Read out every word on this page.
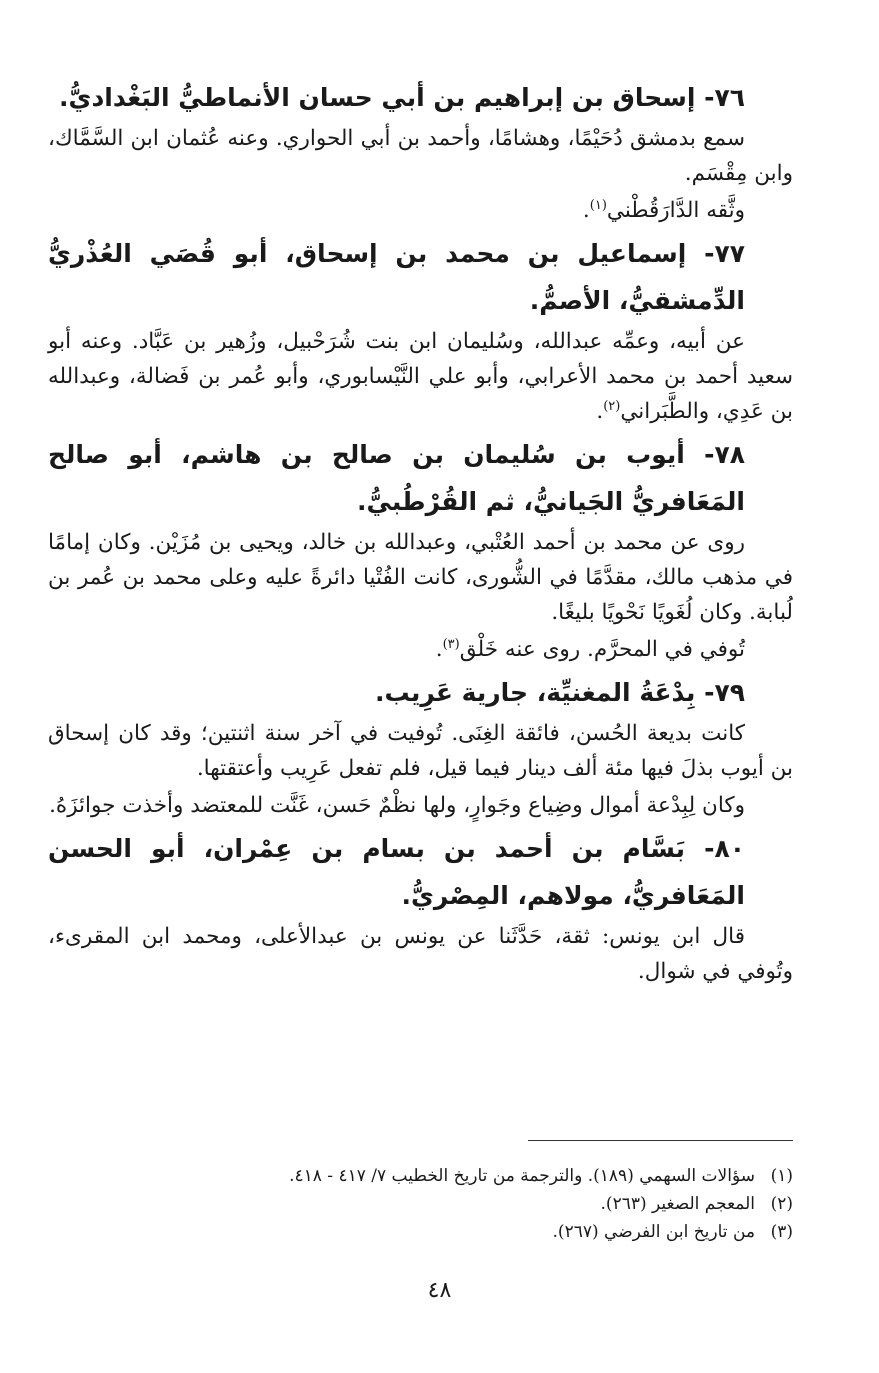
٧٦- إسحاق بن إبراهيم بن أبي حسان الأنماطيُّ البَغْداديُّ.

سمع بدمشق دُحَيْمًا، وهشامًا، وأحمد بن أبي الحواري. وعنه عُثمان ابن السَّمَّاك، وابن مِقْسَم.

وثَّقه الدَّارَقُطْني$^{(١)}$.

٧٧- إسماعيل بن محمد بن إسحاق، أبو قُصَي العُذْريُّ الدِّمشقيُّ، الأصمُّ.

عن أبيه، وعمِّه عبدالله، وسُليمان ابن بنت شُرَحْبيل، وزُهير بن عَبَّاد. وعنه أبو سعيد أحمد بن محمد الأعرابي، وأبو علي النَّيْسابوري، وأبو عُمر بن فَضالة، وعبدالله بن عَدِي، والطَّبَراني$^{(٢)}$.

٧٨- أيوب بن سُليمان بن صالح بن هاشم، أبو صالح المَعَافريُّ الجَيانيُّ، ثم القُرْطُبيُّ.

روى عن محمد بن أحمد العُتْبي، وعبدالله بن خالد، ويحيى بن مُزَيْن. وكان إمامًا في مذهب مالك، مقدَّمًا في الشُّورى، كانت الفُتْيا دائرةً عليه وعلى محمد بن عُمر بن لُبابة. وكان لُغَويًا نَحْويًا بليغًا.

تُوفي في المحرَّم. روى عنه خَلْق$^{(٣)}$.

٧٩- بِدْعَةُ المغنيِّة، جارية عَرِيب.

كانت بديعة الحُسن، فائقة الغِنَى. تُوفيت في آخر سنة اثنتين؛ وقد كان إسحاق بن أيوب بذلَ فيها مئة ألف دينار فيما قيل، فلم تفعل عَرِيب وأعتقتها.

وكان لِبِدْعة أموال وضِياع وجَوارٍ، ولها نظْمٌ حَسن، غَنَّت للمعتضد وأخذت جوائزَهُ.

٨٠- بَسَّام بن أحمد بن بسام بن عِمْران، أبو الحسن المَعَافريُّ، مولاهم، المِصْريُّ.

قال ابن يونس: ثقة، حَدَّثَنا عن يونس بن عبدالأعلى، ومحمد ابن المقرىء، وتُوفي في شوال.

(١)
سؤالات السهمي (١٨٩). والترجمة من تاريخ الخطيب ٧/ ٤١٧ - ٤١٨.
(٢)
المعجم الصغير (٢٦٣).
(٣)
من تاريخ ابن الفرضي (٢٦٧).
٤٨
